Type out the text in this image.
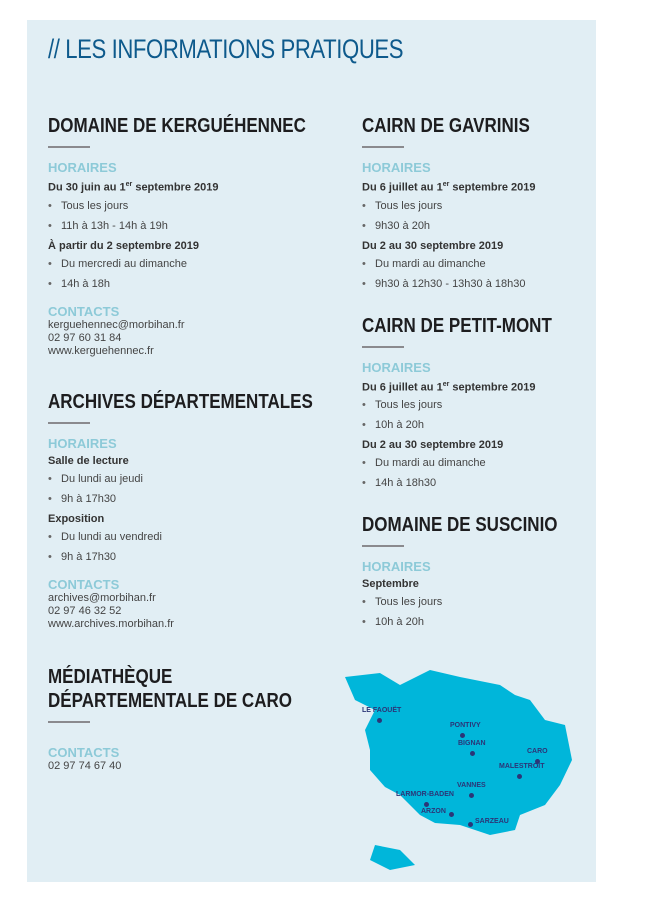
// LES INFORMATIONS PRATIQUES
DOMAINE DE KERGUÉHENNEC
HORAIRES
Du 30 juin au 1er septembre 2019
• Tous les jours
• 11h à 13h - 14h à 19h
À partir du 2 septembre 2019
• Du mercredi au dimanche
• 14h à 18h
CONTACTS
kerguehennec@morbihan.fr
02 97 60 31 84
www.kerguehennec.fr
ARCHIVES DÉPARTEMENTALES
HORAIRES
Salle de lecture
• Du lundi au jeudi
• 9h à 17h30
Exposition
• Du lundi au vendredi
• 9h à 17h30
CONTACTS
archives@morbihan.fr
02 97 46 32 52
www.archives.morbihan.fr
MÉDIATHÈQUE
DÉPARTEMENTALE DE CARO
CONTACTS
02 97 74 67 40
CAIRN DE GAVRINIS
HORAIRES
Du 6 juillet au 1er septembre 2019
• Tous les jours
• 9h30 à 20h
Du 2 au 30 septembre 2019
• Du mardi au dimanche
• 9h30 à 12h30 - 13h30 à 18h30
CAIRN DE PETIT-MONT
HORAIRES
Du 6 juillet au 1er septembre 2019
• Tous les jours
• 10h à 20h
Du 2 au 30 septembre 2019
• Du mardi au dimanche
• 14h à 18h30
DOMAINE DE SUSCINIO
HORAIRES
Septembre
• Tous les jours
• 10h à 20h
LE FAOUËT
PONTIVY
BIGNAN
CARO
MALESTROIT
VANNES
LARMOR-BADEN
ARZON
SARZEAU
